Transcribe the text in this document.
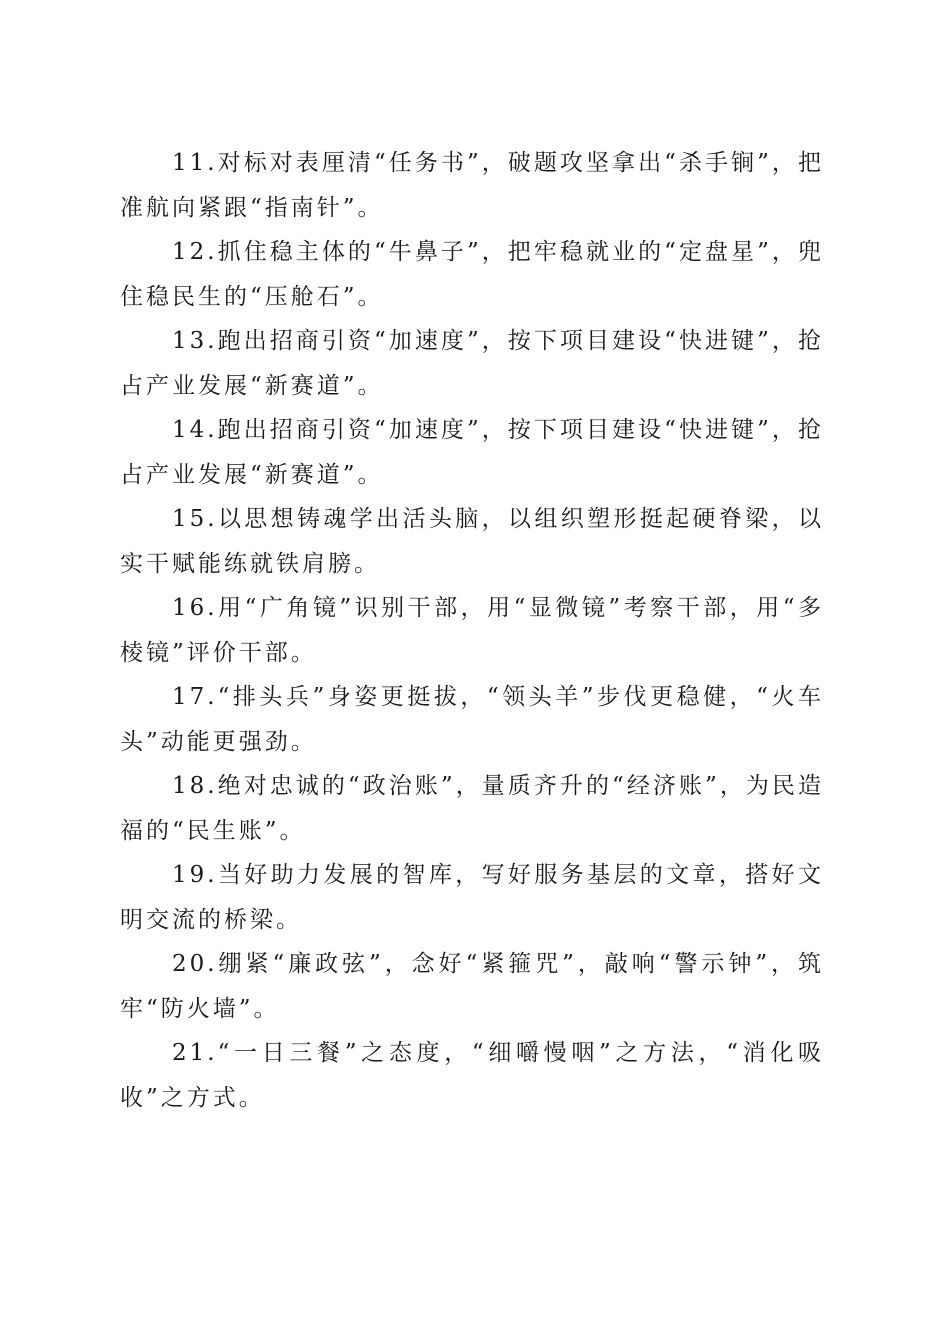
11.对标对表厘清“任务书”，破题攻坚拿出“杀手锏”，把准航向紧跟“指南针”。

12.抓住稳主体的“牛鼻子”，把牢稳就业的“定盘星”，兜住稳民生的“压舱石”。

13.跑出招商引资“加速度”，按下项目建设“快进键”，抢占产业发展“新赛道”。

14.跑出招商引资“加速度”，按下项目建设“快进键”，抢占产业发展“新赛道”。

15.以思想铸魂学出活头脑，以组织塑形挺起硬脊梁，以实干赋能练就铁肩膀。

16.用“广角镜”识别干部，用“显微镜”考察干部，用“多棱镜”评价干部。

17.“排头兵”身姿更挺拔，“领头羊”步伐更稳健，“火车头”动能更强劲。

18.绝对忠诚的“政治账”，量质齐升的“经济账”，为民造福的“民生账”。

19.当好助力发展的智库，写好服务基层的文章，搭好文明交流的桥梁。

20.绷紧“廉政弦”，念好“紧箍咒”，敲响“警示钟”，筑牢“防火墙”。

21.“一日三餐”之态度，“细嚼慢咽”之方法，“消化吸收”之方式。
